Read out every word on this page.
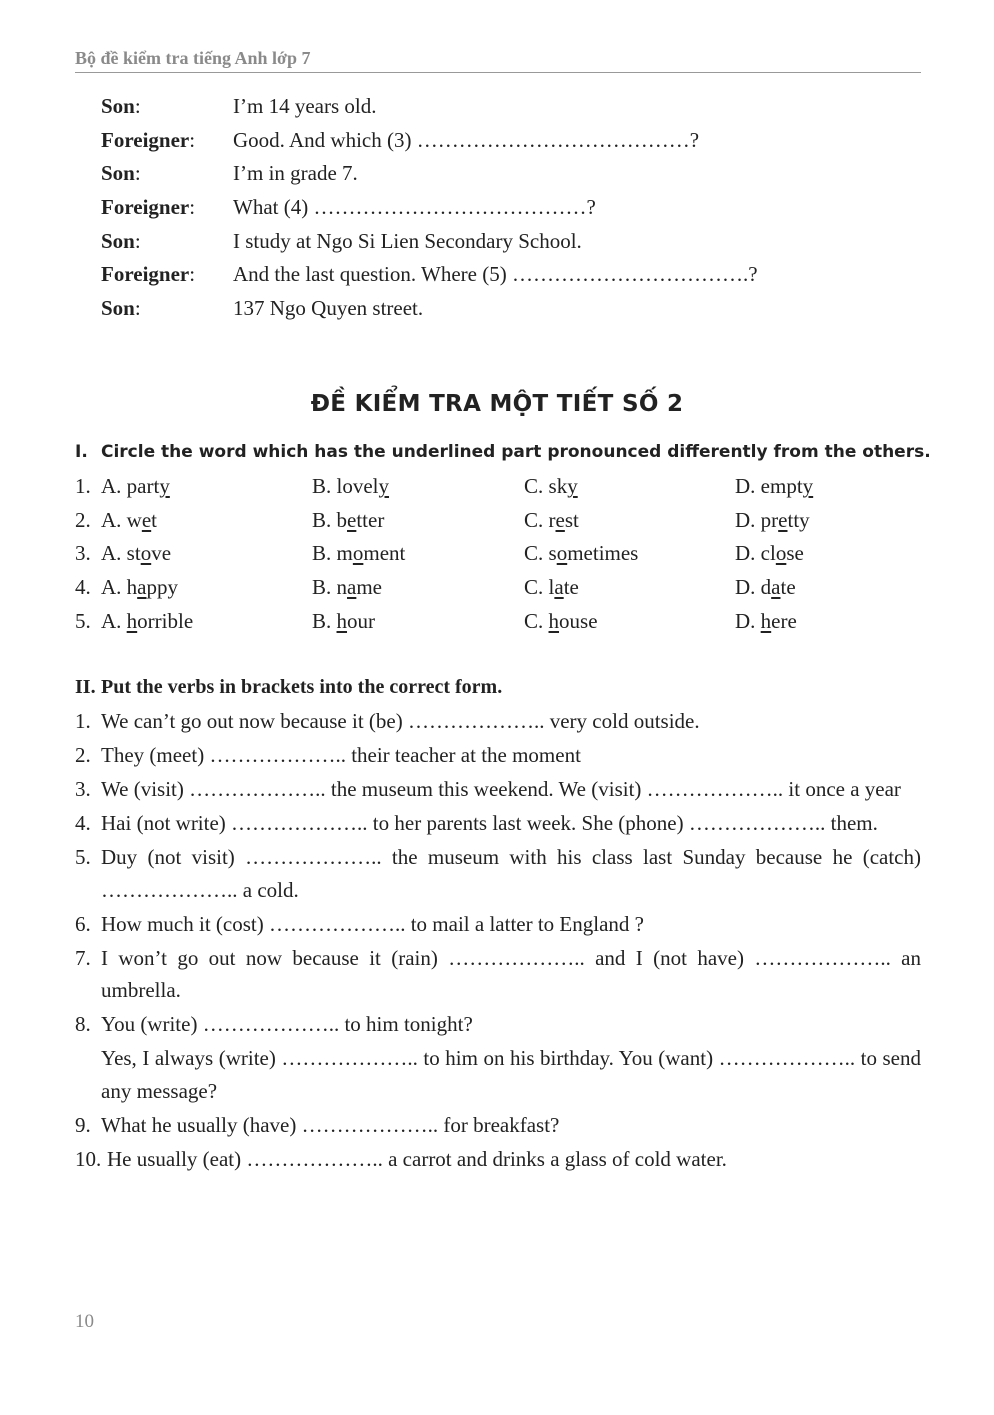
Bộ đề kiểm tra tiếng Anh lớp 7
Son:	I’m 14 years old.
Foreigner:	Good. And which (3) …………………………………?
Son:	I’m in grade 7.
Foreigner:	What (4) …………………………………?
Son:	I study at Ngo Si Lien Secondary School.
Foreigner:	And the last question. Where (5) …………………………….?
Son:	137 Ngo Quyen street.
ĐỀ KIỂM TRA MỘT TIẾT SỐ 2
I. Circle the word which has the underlined part pronounced differently from the others.
1. A. party	B. lovely	C. sky	D. empty
2. A. wet	B. better	C. rest	D. pretty
3. A. stove	B. moment	C. sometimes	D. close
4. A. happy	B. name	C. late	D. date
5. A. horrible	B. hour	C. house	D. here
II. Put the verbs in brackets into the correct form.
1. We can’t go out now because it (be) ……………….. very cold outside.

2. They (meet) ……………….. their teacher at the moment

3. We (visit) ……………….. the museum this weekend. We (visit) ……………….. it once a year

4. Hai (not write) ……………….. to her parents last week. She (phone) ……………….. them.

5. Duy (not visit) ……………….. the museum with his class last Sunday because he (catch) ……………….. a cold.

6. How much it (cost) ……………….. to mail a latter to England ?

7. I won’t go out now because it (rain) ……………….. and I (not have) ……………….. an umbrella.

8. You (write) ……………….. to him tonight?

Yes, I always (write) ……………….. to him on his birthday. You (want) ……………….. to send any message?

9. What he usually (have) ……………….. for breakfast?

10. He usually (eat) ……………….. a carrot and drinks a glass of cold water.

10
